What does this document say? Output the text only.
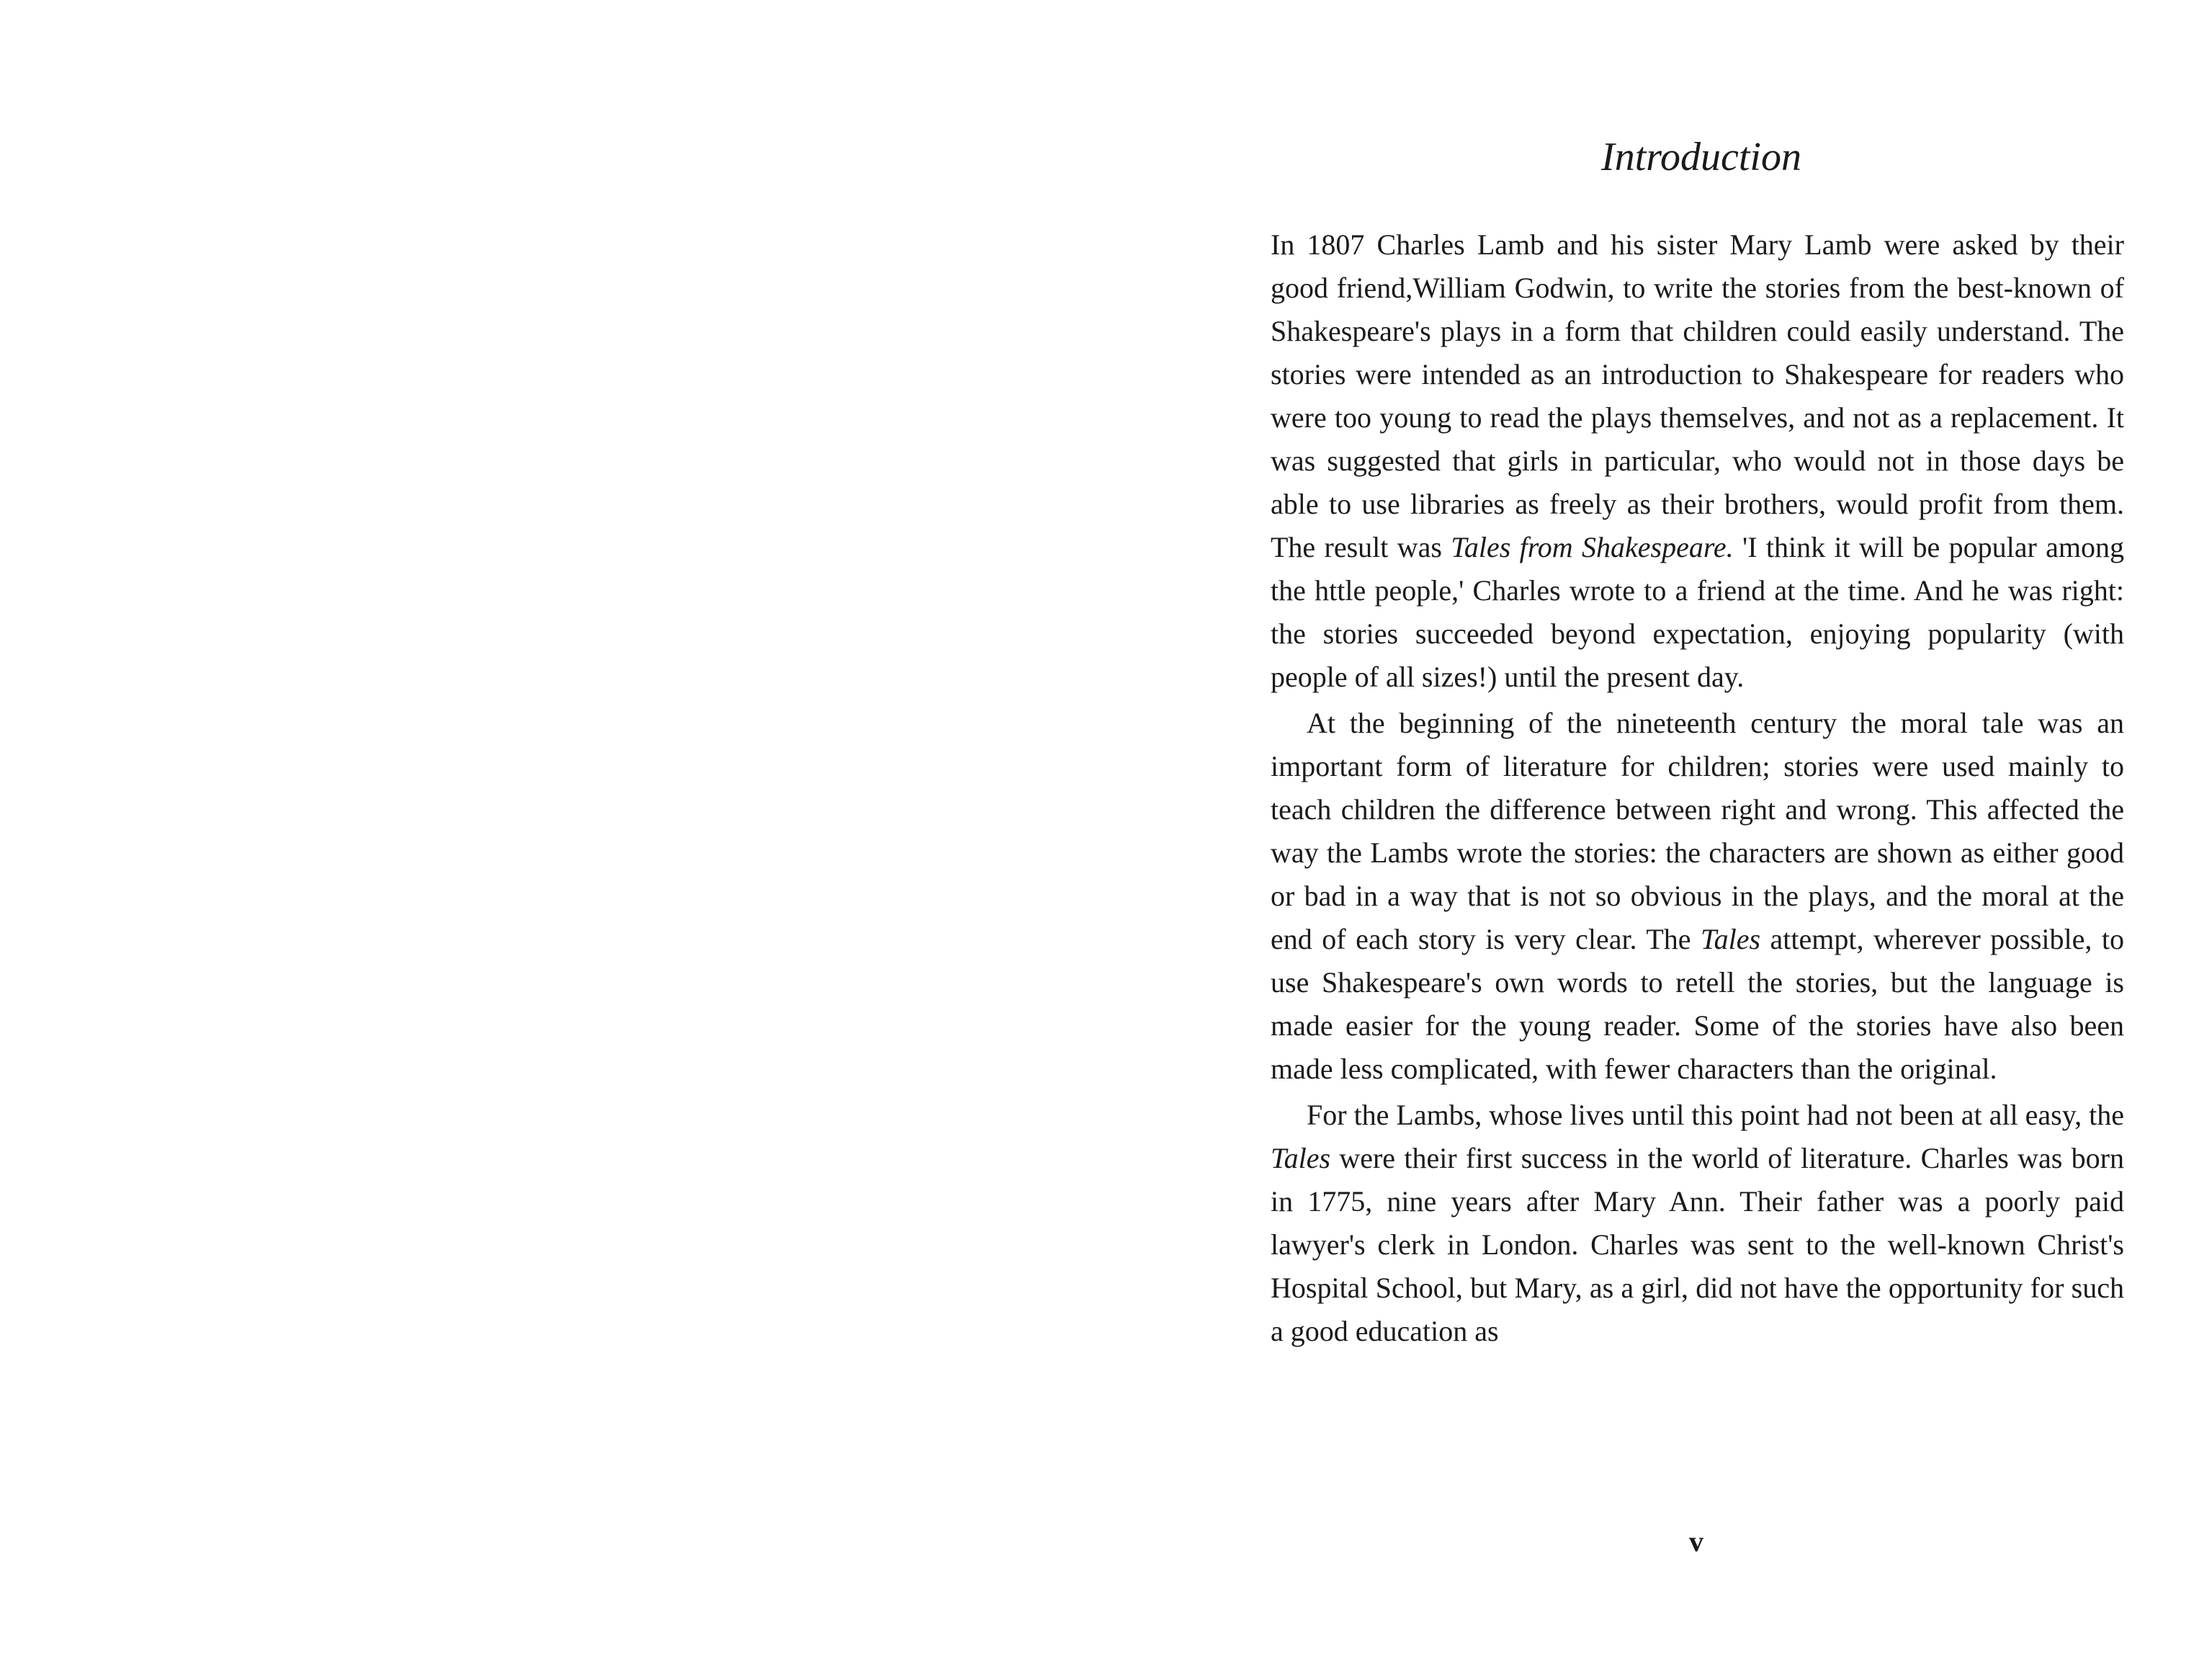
Introduction

In 1807 Charles Lamb and his sister Mary Lamb were asked by their good friend,William Godwin, to write the stories from the best-known of Shakespeare's plays in a form that children could easily understand. The stories were intended as an introduction to Shakespeare for readers who were too young to read the plays themselves, and not as a replacement. It was suggested that girls in particular, who would not in those days be able to use libraries as freely as their brothers, would profit from them. The result was Tales from Shakespeare. 'I think it will be popular among the httle people,' Charles wrote to a friend at the time. And he was right: the stories succeeded beyond expectation, enjoying popularity (with people of all sizes!) until the present day.

At the beginning of the nineteenth century the moral tale was an important form of literature for children; stories were used mainly to teach children the difference between right and wrong. This affected the way the Lambs wrote the stories: the characters are shown as either good or bad in a way that is not so obvious in the plays, and the moral at the end of each story is very clear. The Tales attempt, wherever possible, to use Shakespeare's own words to retell the stories, but the language is made easier for the young reader. Some of the stories have also been made less complicated, with fewer characters than the original.

For the Lambs, whose lives until this point had not been at all easy, the Tales were their first success in the world of literature. Charles was born in 1775, nine years after Mary Ann. Their father was a poorly paid lawyer's clerk in London. Charles was sent to the well-known Christ's Hospital School, but Mary, as a girl, did not have the opportunity for such a good education as

v
